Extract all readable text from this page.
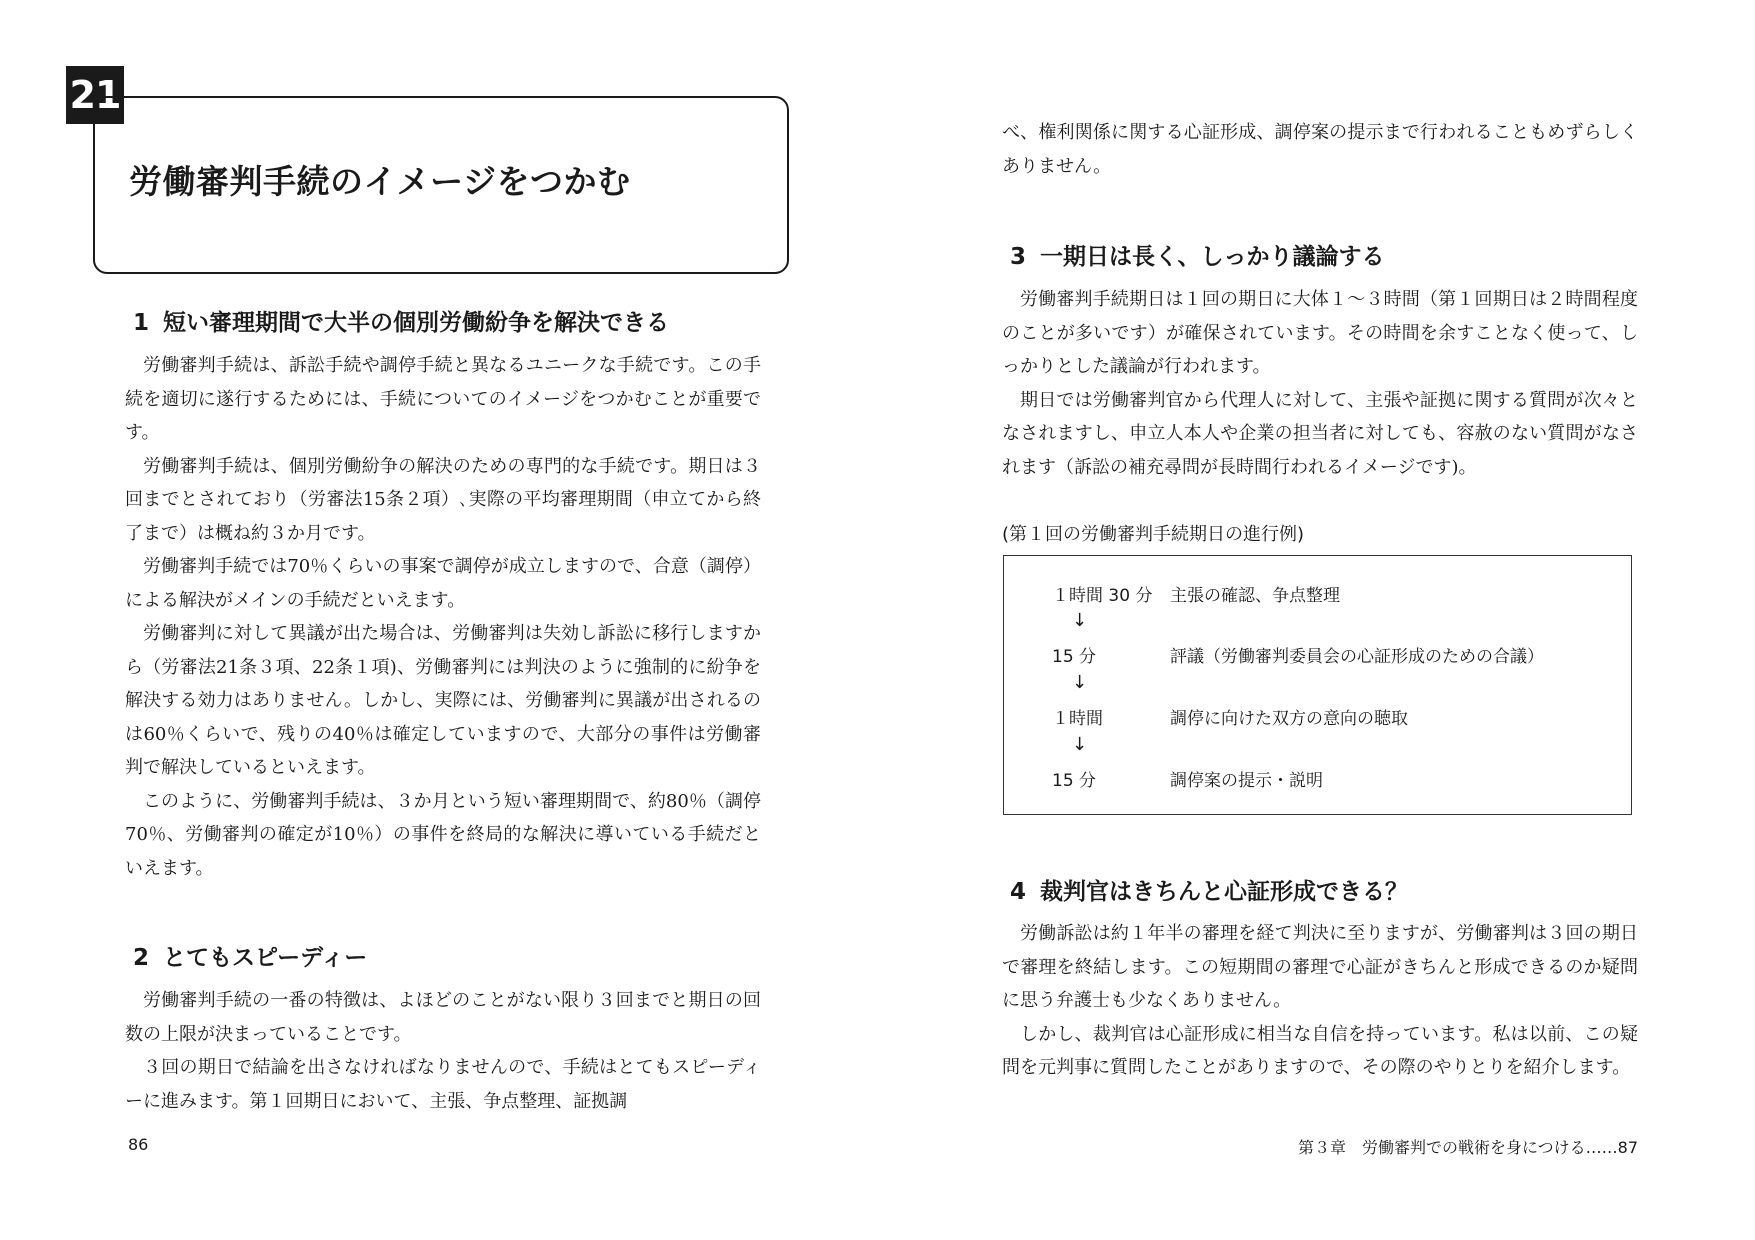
21
労働審判手続のイメージをつかむ
1 短い審理期間で大半の個別労働紛争を解決できる

労働審判手続は、訴訟手続や調停手続と異なるユニークな手続です。この手続を適切に遂行するためには、手続についてのイメージをつかむことが重要です。

労働審判手続は、個別労働紛争の解決のための専門的な手続です。期日は３回までとされており（労審法15条２項）､実際の平均審理期間（申立てから終了まで）は概ね約３か月です。

労働審判手続では70％くらいの事案で調停が成立しますので、合意（調停）による解決がメインの手続だといえます。

労働審判に対して異議が出た場合は、労働審判は失効し訴訟に移行しますから（労審法21条３項、22条１項)、労働審判には判決のように強制的に紛争を解決する効力はありません。しかし、実際には、労働審判に異議が出されるのは60％くらいで、残りの40％は確定していますので、大部分の事件は労働審判で解決しているといえます。

このように、労働審判手続は、３か月という短い審理期間で、約80％（調停70％、労働審判の確定が10％）の事件を終局的な解決に導いている手続だといえます。

2 とてもスピーディー

労働審判手続の一番の特徴は、よほどのことがない限り３回までと期日の回数の上限が決まっていることです。

３回の期日で結論を出さなければなりませんので、手続はとてもスピーディーに進みます。第１回期日において、主張、争点整理、証拠調

86

べ、権利関係に関する心証形成、調停案の提示まで行われることもめずらしくありません。

3 一期日は長く、しっかり議論する

労働審判手続期日は１回の期日に大体１～３時間（第１回期日は２時間程度のことが多いです）が確保されています。その時間を余すことなく使って、しっかりとした議論が行われます。

期日では労働審判官から代理人に対して、主張や証拠に関する質問が次々となされますし、申立人本人や企業の担当者に対しても、容赦のない質問がなされます（訴訟の補充尋問が長時間行われるイメージです)。

(第１回の労働審判手続期日の進行例)
１時間 30 分	主張の確認、争点整理
↓
15 分	評議（労働審判委員会の心証形成のための合議）
↓
１時間	調停に向けた双方の意向の聴取
↓
15 分	調停案の提示・説明
4 裁判官はきちんと心証形成できる？

労働訴訟は約１年半の審理を経て判決に至りますが、労働審判は３回の期日で審理を終結します。この短期間の審理で心証がきちんと形成できるのか疑問に思う弁護士も少なくありません。

しかし、裁判官は心証形成に相当な自信を持っています。私は以前、この疑問を元判事に質問したことがありますので、その際のやりとりを紹介します。

第３章　労働審判での戦術を身につける……87
